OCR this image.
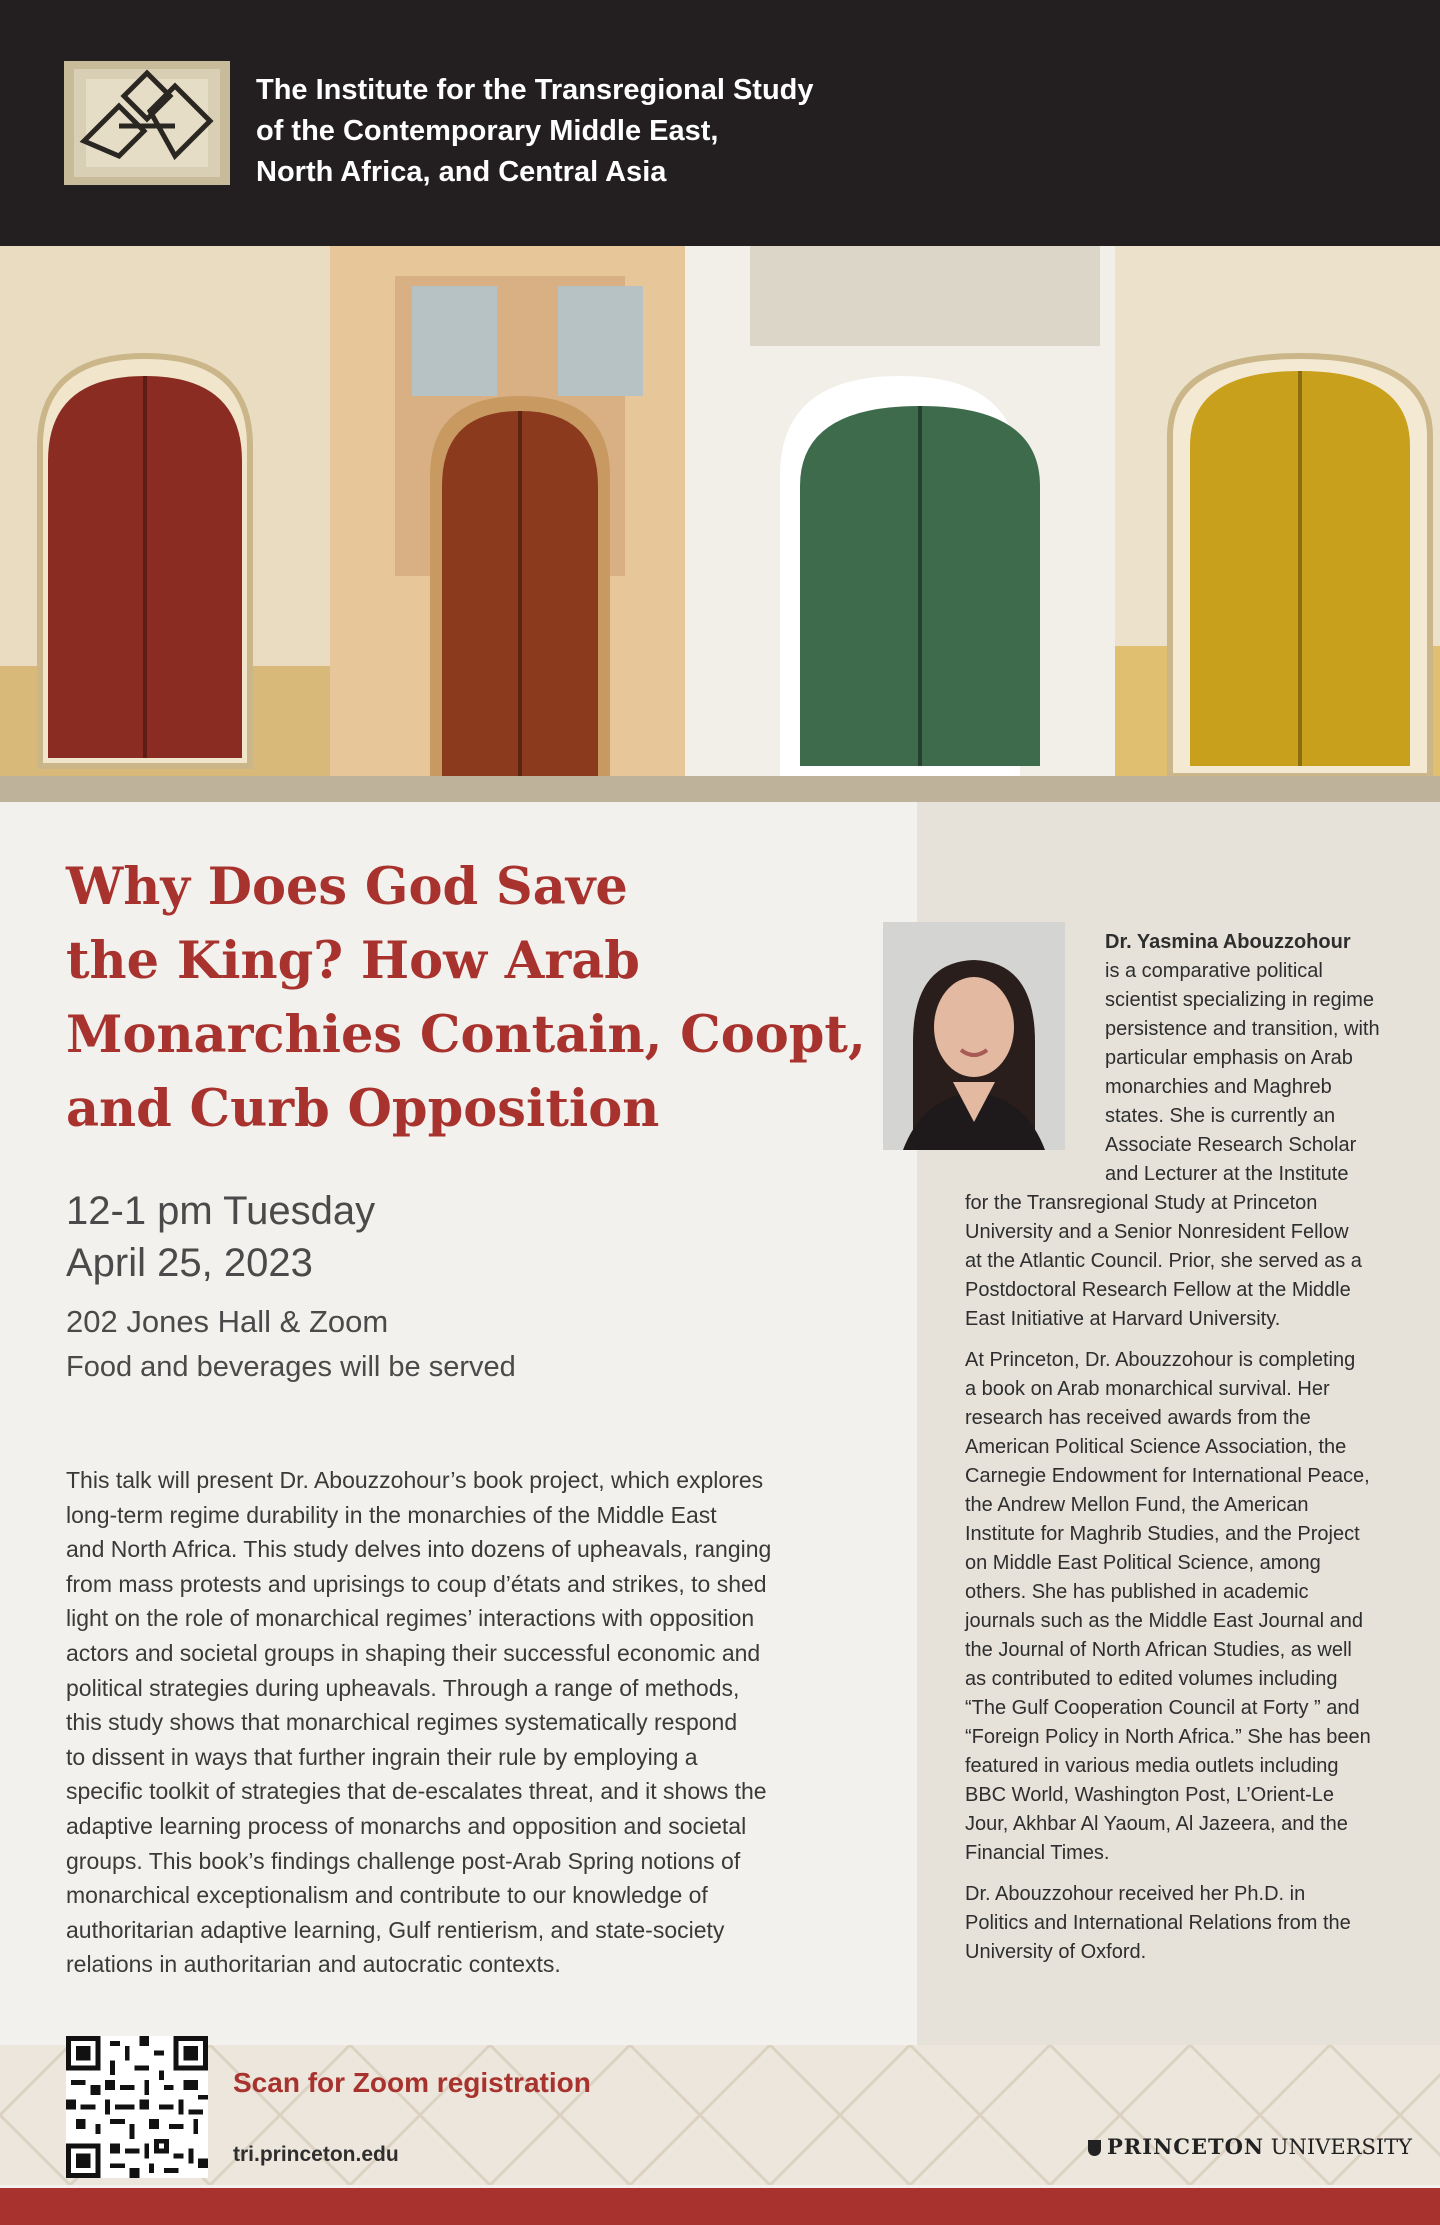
The Institute for the Transregional Study
of the Contemporary Middle East,
North Africa, and Central Asia
Why Does God Save
the King? How Arab
Monarchies Contain, Coopt,
and Curb Opposition
12-1 pm Tuesday
April 25, 2023
202 Jones Hall & Zoom
Food and beverages will be served
This talk will present Dr. Abouzzohour’s book project, which explores
long-term regime durability in the monarchies of the Middle East
and North Africa. This study delves into dozens of upheavals, ranging
from mass protests and uprisings to coup d’états and strikes, to shed
light on the role of monarchical regimes’ interactions with opposition
actors and societal groups in shaping their successful economic and
political strategies during upheavals. Through a range of methods,
this study shows that monarchical regimes systematically respond
to dissent in ways that further ingrain their rule by employing a
specific toolkit of strategies that de-escalates threat, and it shows the
adaptive learning process of monarchs and opposition and societal
groups. This book’s findings challenge post-Arab Spring notions of
monarchical exceptionalism and contribute to our knowledge of
authoritarian adaptive learning, Gulf rentierism, and state-society
relations in authoritarian and autocratic contexts.
Dr. Yasmina Abouzzohour
is a comparative political
scientist specializing in regime
persistence and transition, with
particular emphasis on Arab
monarchies and Maghreb
states. She is currently an
Associate Research Scholar
and Lecturer at the Institute
for the Transregional Study at Princeton
University and a Senior Nonresident Fellow
at the Atlantic Council. Prior, she served as a
Postdoctoral Research Fellow at the Middle
East Initiative at Harvard University.
At Princeton, Dr. Abouzzohour is completing
a book on Arab monarchical survival. Her
research has received awards from the
American Political Science Association, the
Carnegie Endowment for International Peace,
the Andrew Mellon Fund, the American
Institute for Maghrib Studies, and the Project
on Middle East Political Science, among
others. She has published in academic
journals such as the Middle East Journal and
the Journal of North African Studies, as well
as contributed to edited volumes including
“The Gulf Cooperation Council at Forty ” and
“Foreign Policy in North Africa.” She has been
featured in various media outlets including
BBC World, Washington Post, L’Orient-Le
Jour, Akhbar Al Yaoum, Al Jazeera, and the
Financial Times.
Dr. Abouzzohour received her Ph.D. in
Politics and International Relations from the
University of Oxford.
Scan for Zoom registration
tri.princeton.edu	PRINCETON UNIVERSITY
